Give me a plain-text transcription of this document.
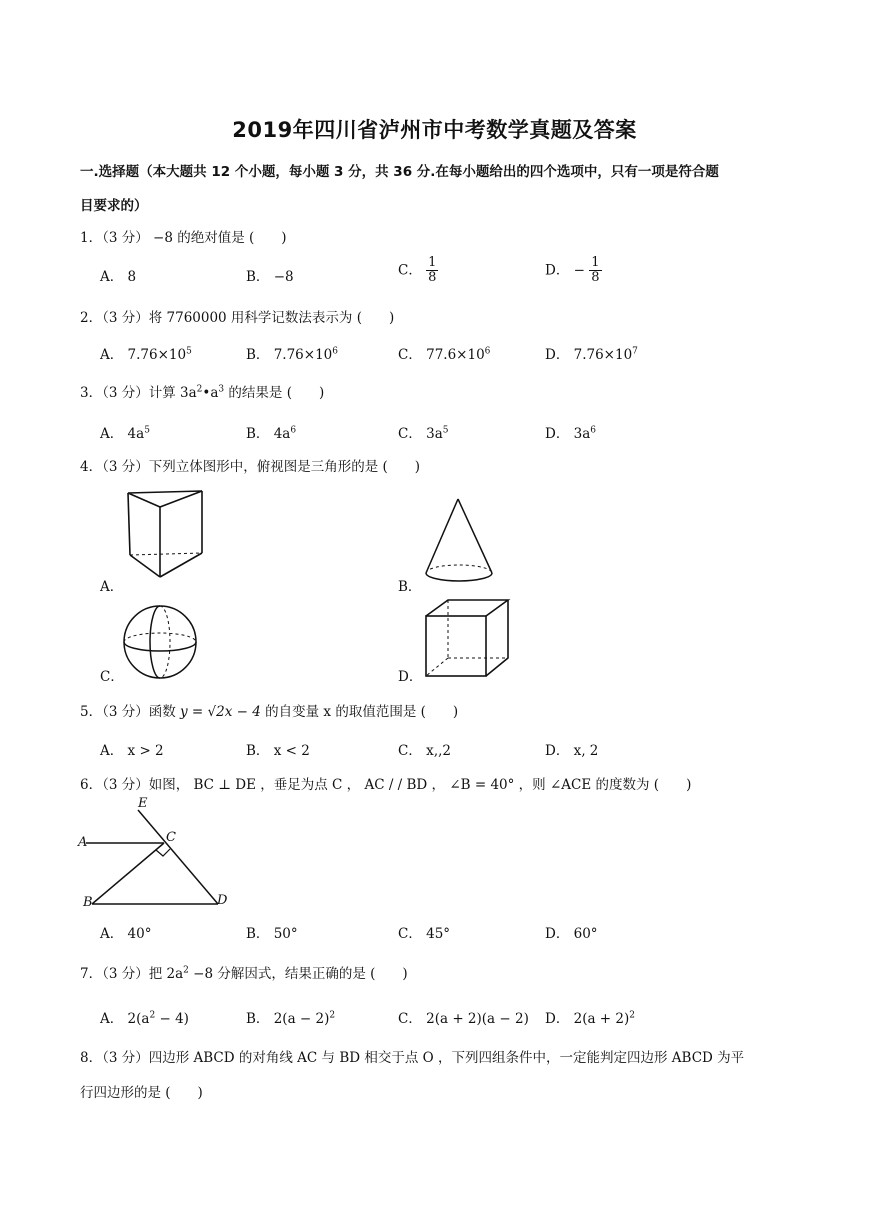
2019年四川省泸州市中考数学真题及答案
一.选择题（本大题共 12 个小题，每小题 3 分，共 36 分.在每小题给出的四个选项中，只有一项是符合题
目要求的）
1．（3 分） −8 的绝对值是 (　　)
A． 8	B． −8	C． $\frac{1}{8}$	D． − $\frac{1}{8}$
2．（3 分）将 7760000 用科学记数法表示为 (　　)
A． $7.76\times 10^5$	B． $7.76\times 10^6$	C． $77.6\times 10^6$	D． $7.76\times 10^7$
3．（3 分）计算 $3a^2•a^3$ 的结果是 (　　)
A． $4a^5$	B． $4a^6$	C． $3a^5$	D． $3a^6$
4．（3 分）下列立体图形中，俯视图是三角形的是 (　　)
A．	B．
C．	D．
5．（3 分）函数 y = √2x − 4 的自变量 x 的取值范围是 (　　)
A． x > 2	B． x < 2	C． x‚‚2	D． x‚ 2
6．（3 分）如图， BC ⊥ DE ，垂足为点 C ， AC / / BD ， ∠B = 40° ，则 ∠ACE 的度数为 (　　)
E
C
A
B	D
A． 40°	B． 50°	C． 45°	D． 60°
7．（3 分）把 $2a^2 -8$ 分解因式，结果正确的是 (　　)
A． $2(a^2 - 4)$	B． $2(a - 2)^2$	C． 2(a + 2)(a − 2) D． $2(a + 2)^2$
8．（3 分）四边形 ABCD 的对角线 AC 与 BD 相交于点 O ，下列四组条件中，一定能判定四边形 ABCD 为平
行四边形的是 (　　)
